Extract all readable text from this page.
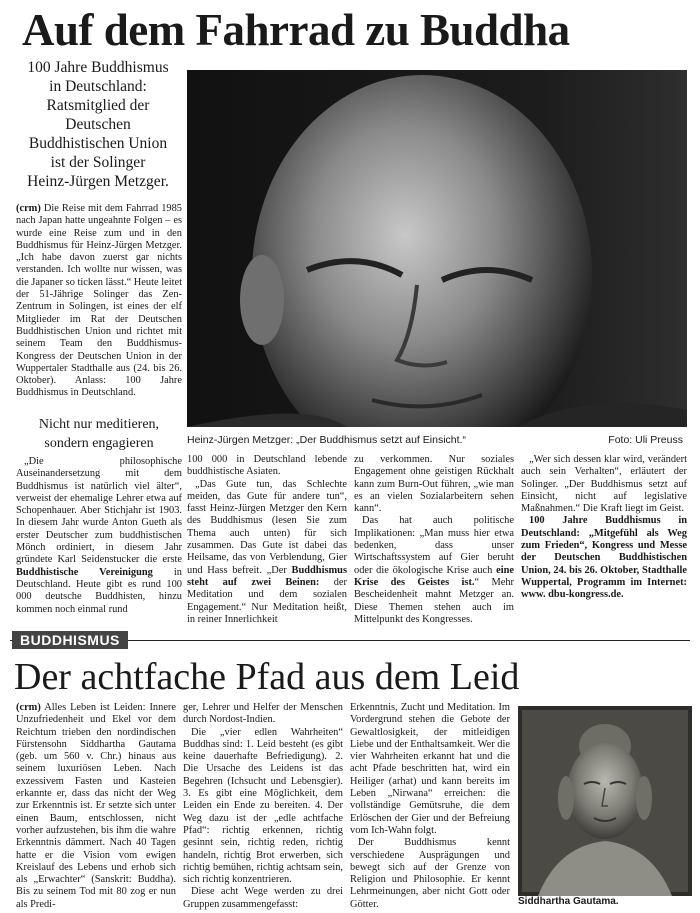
Auf dem Fahrrad zu Buddha

100 Jahre Buddhismus

in Deutschland:

Ratsmitglied der

Deutschen

Buddhistischen Union

ist der Solinger

Heinz-Jürgen Metzger.

(crm) Die Reise mit dem Fahrrad 1985 nach Japan hatte ungeahnte Folgen – es wurde eine Reise zum und in den Buddhismus für Heinz-Jürgen Metzger. „Ich habe davon zuerst gar nichts verstanden. Ich wollte nur wissen, was die Japaner so ticken lässt.“ Heute leitet der 51-Jährige Solinger das Zen-Zentrum in Solingen, ist eines der elf Mitglieder im Rat der Deutschen Buddhistischen Union und richtet mit seinem Team den Buddhismus-Kongress der Deutschen Union in der Wuppertaler Stadthalle aus (24. bis 26. Oktober). Anlass: 100 Jahre Buddhismus in Deutschland.

Nicht nur meditieren,
sondern engagieren

„Die philosophische Auseinandersetzung mit dem Buddhismus ist natürlich viel älter“, verweist der ehemalige Lehrer etwa auf Schopenhauer. Aber Stichjahr ist 1903. In diesem Jahr wurde Anton Gueth als erster Deutscher zum buddhistischen Mönch ordiniert, in diesem Jahr gründete Karl Seidenstucker die erste Buddhistische Vereinigung in Deutschland. Heute gibt es rund 100 000 deutsche Buddhisten, hinzu kommen noch einmal rund

Heinz-Jürgen Metzger: „Der Buddhismus setzt auf Einsicht.“	Foto: Uli Preuss

100 000 in Deutschland lebende buddhistische Asiaten.

„Das Gute tun, das Schlechte meiden, das Gute für andere tun“, fasst Heinz-Jürgen Metzger den Kern des Buddhismus (lesen Sie zum Thema auch unten) für sich zusammen. Das Gute ist dabei das Heilsame, das von Verblendung, Gier und Hass befreit. „Der Buddhismus steht auf zwei Beinen: der Meditation und dem sozialen Engagement.“ Nur Meditation heißt, in reiner Innerlichkeit

zu verkommen. Nur soziales Engagement ohne geistigen Rückhalt kann zum Burn-Out führen, „wie man es an vielen Sozialarbeitern sehen kann“.

Das hat auch politische Implikationen: „Man muss hier etwa bedenken, dass unser Wirtschaftssystem auf Gier beruht oder die ökologische Krise auch eine Krise des Geistes ist.“ Mehr Bescheidenheit mahnt Metzger an. Diese Themen stehen auch im Mittelpunkt des Kongresses.

„Wer sich dessen klar wird, verändert auch sein Verhalten“, erläutert der Solinger. „Der Buddhismus setzt auf Einsicht, nicht auf legislative Maßnahmen.“ Die Kraft liegt im Geist.

100 Jahre Buddhismus in Deutschland: „Mitgefühl als Weg zum Frieden“, Kongress und Messe der Deutschen Buddhistischen Union, 24. bis 26. Oktober, Stadthalle Wuppertal, Programm im Internet: www. dbu-kongress.de.

BUDDHISMUS
Der achtfache Pfad aus dem Leid

(crm) Alles Leben ist Leiden: Innere Unzufriedenheit und Ekel vor dem Reichtum trieben den nordindischen Fürstensohn Siddhartha Gautama (geb. um 560 v. Chr.) hinaus aus seinem luxuriösen Leben. Nach exzessivem Fasten und Kasteien erkannte er, dass das nicht der Weg zur Erkenntnis ist. Er setzte sich unter einen Baum, entschlossen, nicht vorher aufzustehen, bis ihm die wahre Erkenntnis dämmert. Nach 40 Tagen hatte er die Vision vom ewigen Kreislauf des Lebens und erhob sich als „Erwachter“ (Sanskrit: Buddha). Bis zu seinem Tod mit 80 zog er nun als Predi-

ger, Lehrer und Helfer der Menschen durch Nordost-Indien.

Die „vier edlen Wahrheiten“ Buddhas sind: 1. Leid besteht (es gibt keine dauerhafte Befriedigung). 2. Die Ursache des Leidens ist das Begehren (Ichsucht und Lebensgier). 3. Es gibt eine Möglichkeit, dem Leiden ein Ende zu bereiten. 4. Der Weg dazu ist der „edle achtfache Pfad“: richtig erkennen, richtig gesinnt sein, richtig reden, richtig handeln, richtig Brot erwerben, sich richtig bemühen, richtig achtsam sein, sich richtig konzentrieren.

Diese acht Wege werden zu drei Gruppen zusammengefasst:

Erkenntnis, Zucht und Meditation. Im Vordergrund stehen die Gebote der Gewaltlosigkeit, der mitleidigen Liebe und der Enthaltsamkeit. Wer die vier Wahrheiten erkannt hat und die acht Pfade beschritten hat, wird ein Heiliger (arhat) und kann bereits im Leben „Nirwana“ erreichen: die vollständige Gemütsruhe, die dem Erlöschen der Gier und der Befreiung vom Ich-Wahn folgt.

Der Buddhismus kennt verschiedene Ausprägungen und bewegt sich auf der Grenze von Religion und Philosophie. Er kennt Lehrmeinungen, aber nicht Gott oder Götter.	Siddhartha Gautama.
